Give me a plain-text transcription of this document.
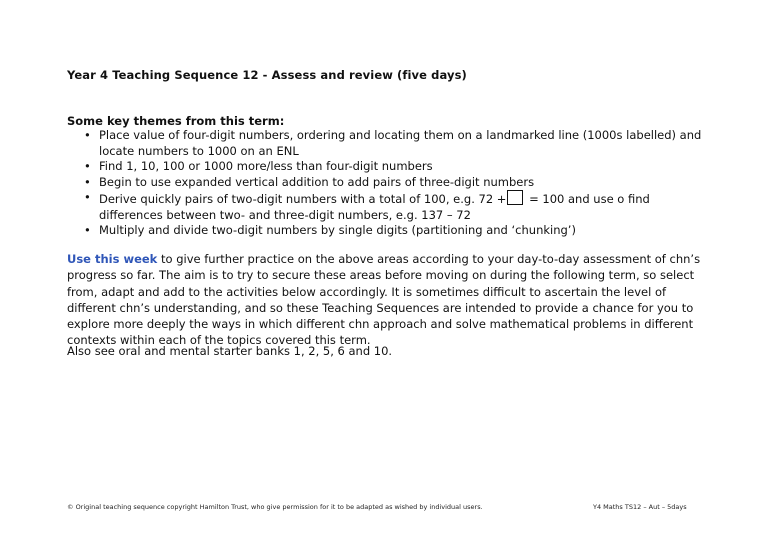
Year 4 Teaching Sequence 12 - Assess and review (five days)
Some key themes from this term:
• Place value of four-digit numbers, ordering and locating them on a landmarked line (1000s labelled) and locate numbers to 1000 on an ENL
• Find 1, 10, 100 or 1000 more/less than four-digit numbers
• Begin to use expanded vertical addition to add pairs of three-digit numbers
• Derive quickly pairs of two-digit numbers with a total of 100, e.g. 72 + = 100 and use o find differences between two- and three-digit numbers, e.g. 137 – 72
• Multiply and divide two-digit numbers by single digits (partitioning and ‘chunking’)

Use this week to give further practice on the above areas according to your day-to-day assessment of chn’s progress so far. The aim is to try to secure these areas before moving on during the following term, so select from, adapt and add to the activities below accordingly. It is sometimes difficult to ascertain the level of different chn’s understanding, and so these Teaching Sequences are intended to provide a chance for you to explore more deeply the ways in which different chn approach and solve mathematical problems in different contexts within each of the topics covered this term.

Also see oral and mental starter banks 1, 2, 5, 6 and 10.
© Original teaching sequence copyright Hamilton Trust, who give permission for it to be adapted as wished by individual users.	Y4 Maths TS12 – Aut – 5days
